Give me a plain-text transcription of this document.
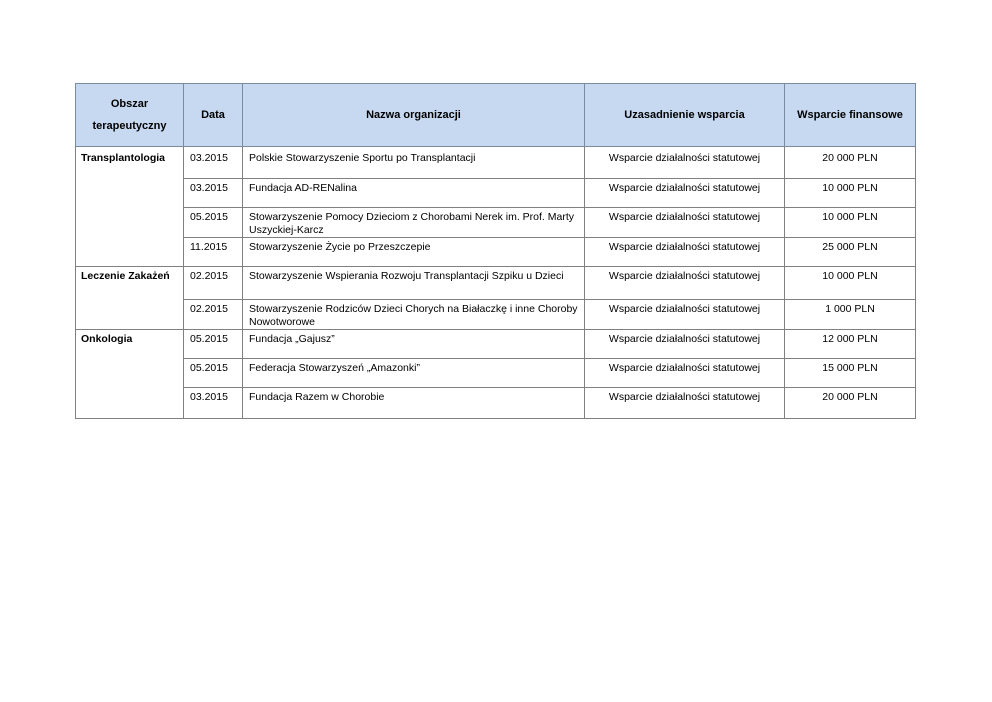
Obszar
terapeutyczny	Data	Nazwa organizacji	Uzasadnienie wsparcia	Wsparcie finansowe
Transplantologia	03.2015	Polskie Stowarzyszenie Sportu po Transplantacji	Wsparcie działalności statutowej	20 000 PLN
	03.2015	Fundacja AD-RENalina	Wsparcie działalności statutowej	10 000 PLN
	05.2015	Stowarzyszenie Pomocy Dzieciom z Chorobami Nerek im. Prof. Marty Uszyckiej-Karcz	Wsparcie działalności statutowej	10 000 PLN
	11.2015	Stowarzyszenie Życie po Przeszczepie	Wsparcie działalności statutowej	25 000 PLN
Leczenie Zakażeń	02.2015	Stowarzyszenie Wspierania Rozwoju Transplantacji Szpiku u Dzieci	Wsparcie działalności statutowej	10 000 PLN
	02.2015	Stowarzyszenie Rodziców Dzieci Chorych na Białaczkę i inne Choroby Nowotworowe	Wsparcie działalności statutowej	1 000 PLN
Onkologia	05.2015	Fundacja „Gajusz”	Wsparcie działalności statutowej	12 000 PLN
	05.2015	Federacja Stowarzyszeń „Amazonki”	Wsparcie działalności statutowej	15 000 PLN
	03.2015	Fundacja Razem w Chorobie	Wsparcie działalności statutowej	20 000 PLN
